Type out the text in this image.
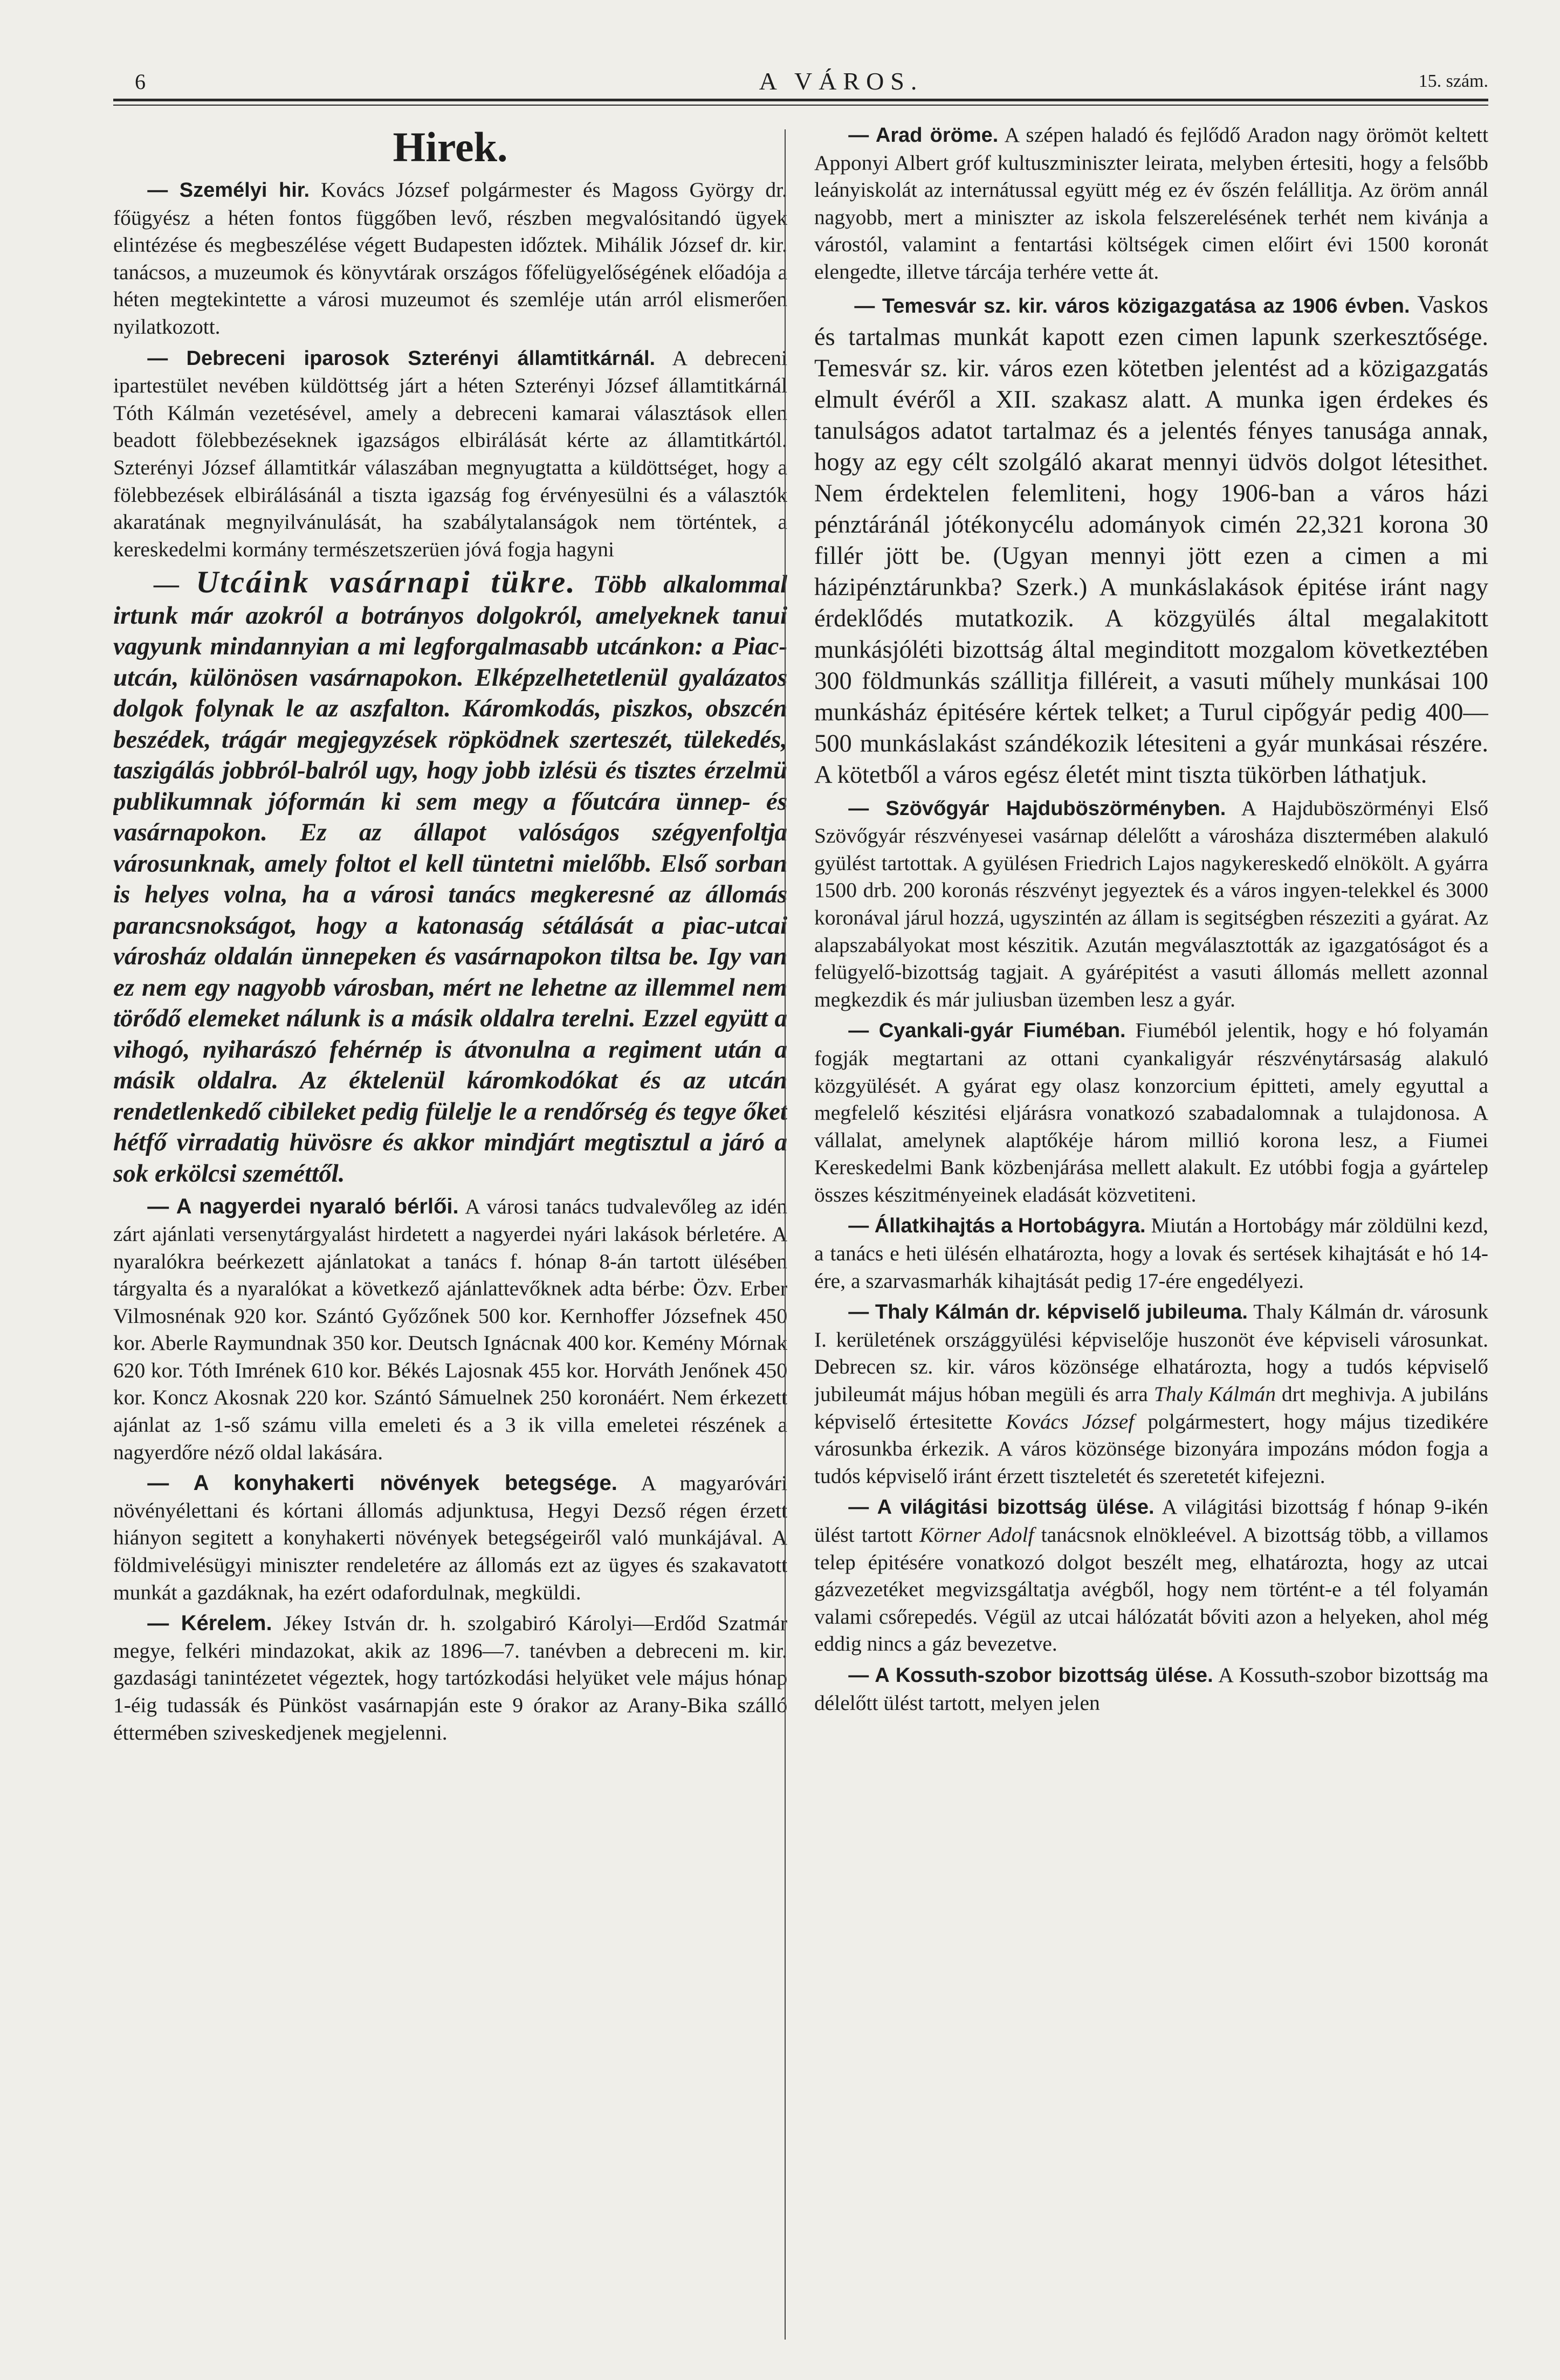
6	A VÁROS.	15. szám.
Hirek.

— Személyi hir. Kovács József polgármester és Magoss György dr. főügyész a héten fontos függőben levő, részben megvalósitandó ügyek elintézése és megbeszélése végett Budapesten időztek. Mihálik József dr. kir. tanácsos, a muzeumok és könyvtárak országos főfelügyelőségének előadója a héten megtekintette a városi muzeumot és szemléje után arról elismerően nyilatkozott.

— Debreceni iparosok Szterényi államtitkárnál. A debreceni ipartestület nevében küldöttség járt a héten Szterényi József államtitkárnál Tóth Kálmán vezetésével, amely a debreceni kamarai választások ellen beadott fölebbezéseknek igazságos elbirálását kérte az államtitkártól. Szterényi József államtitkár válaszában megnyugtatta a küldöttséget, hogy a fölebbezések elbirálásánál a tiszta igazság fog érvényesülni és a választók akaratának megnyilvánulását, ha szabálytalanságok nem történtek, a kereskedelmi kormány természetszerüen jóvá fogja hagyni

— Utcáink vasárnapi tükre. Több alkalommal irtunk már azokról a botrányos dolgokról, amelyeknek tanui vagyunk mindannyian a mi legforgalmasabb utcánkon: a Piac-utcán, különösen vasárnapokon. Elképzelhetetlenül gyalázatos dolgok folynak le az aszfalton. Káromkodás, piszkos, obszcén beszédek, trágár megjegyzések röpködnek szerteszét, tülekedés, taszigálás jobbról-balról ugy, hogy jobb izlésü és tisztes érzelmü publikumnak jóformán ki sem megy a főutcára ünnep- és vasárnapokon. Ez az állapot valóságos szégyenfoltja városunknak, amely foltot el kell tüntetni mielőbb. Első sorban is helyes volna, ha a városi tanács megkeresné az állomás parancsnokságot, hogy a katonaság sétálását a piac-utcai városház oldalán ünnepeken és vasárnapokon tiltsa be. Igy van ez nem egy nagyobb városban, mért ne lehetne az illemmel nem törődő elemeket nálunk is a másik oldalra terelni. Ezzel együtt a vihogó, nyiharászó fehérnép is átvonulna a regiment után a másik oldalra. Az éktelenül káromkodókat és az utcán rendetlenkedő cibileket pedig fülelje le a rendőrség és tegye őket hétfő virradatig hüvösre és akkor mindjárt megtisztul a járó a sok erkölcsi szeméttől.

— A nagyerdei nyaraló bérlői. A városi tanács tudvalevőleg az idén zárt ajánlati versenytárgyalást hirdetett a nagyerdei nyári lakások bérletére. A nyaralókra beérkezett ajánlatokat a tanács f. hónap 8-án tartott ülésében tárgyalta és a nyaralókat a következő ajánlattevőknek adta bérbe: Özv. Erber Vilmosnénak 920 kor. Szántó Győzőnek 500 kor. Kernhoffer Józsefnek 450 kor. Aberle Raymundnak 350 kor. Deutsch Ignácnak 400 kor. Kemény Mórnak 620 kor. Tóth Imrének 610 kor. Békés Lajosnak 455 kor. Horváth Jenőnek 450 kor. Koncz Akosnak 220 kor. Szántó Sámuelnek 250 koronáért. Nem érkezett ajánlat az 1-ső számu villa emeleti és a 3 ik villa emeletei részének a nagyerdőre néző oldal lakására.

— A konyhakerti növények betegsége. A magyaróvári növényélettani és kórtani állomás adjunktusa, Hegyi Dezső régen érzett hiányon segitett a konyhakerti növények betegségeiről való munkájával. A földmivelésügyi miniszter rendeletére az állomás ezt az ügyes és szakavatott munkát a gazdáknak, ha ezért odafordulnak, megküldi.

— Kérelem. Jékey István dr. h. szolgabiró Károlyi—Erdőd Szatmár megye, felkéri mindazokat, akik az 1896—7. tanévben a debreceni m. kir. gazdasági tanintézetet végeztek, hogy tartózkodási helyüket vele május hónap 1-éig tudassák és Pünköst vasárnapján este 9 órakor az Arany-Bika szálló éttermében sziveskedjenek megjelenni.

— Arad öröme. A szépen haladó és fejlődő Aradon nagy örömöt keltett Apponyi Albert gróf kultuszminiszter leirata, melyben értesiti, hogy a felsőbb leányiskolát az internátussal együtt még ez év őszén felállitja. Az öröm annál nagyobb, mert a miniszter az iskola felszerelésének terhét nem kivánja a várostól, valamint a fentartási költségek cimen előirt évi 1500 koronát elengedte, illetve tárcája terhére vette át.

— Temesvár sz. kir. város közigazgatása az 1906 évben. Vaskos és tartalmas munkát kapott ezen cimen lapunk szerkesztősége. Temesvár sz. kir. város ezen kötetben jelentést ad a közigazgatás elmult évéről a XII. szakasz alatt. A munka igen érdekes és tanulságos adatot tartalmaz és a jelentés fényes tanusága annak, hogy az egy célt szolgáló akarat mennyi üdvös dolgot létesithet. Nem érdektelen felemliteni, hogy 1906-ban a város házi pénztáránál jótékonycélu adományok cimén 22,321 korona 30 fillér jött be. (Ugyan mennyi jött ezen a cimen a mi házipénztárunkba? Szerk.) A munkáslakások épitése iránt nagy érdeklődés mutatkozik. A közgyülés által megalakitott munkásjóléti bizottság által meginditott mozgalom következtében 300 földmunkás szállitja filléreit, a vasuti műhely munkásai 100 munkásház épitésére kértek telket; a Turul cipőgyár pedig 400—500 munkáslakást szándékozik létesiteni a gyár munkásai részére. A kötetből a város egész életét mint tiszta tükörben láthatjuk.

— Szövőgyár Hajduböszörményben. A Hajduböszörményi Első Szövőgyár részvényesei vasárnap délelőtt a városháza disztermében alakuló gyülést tartottak. A gyülésen Friedrich Lajos nagykereskedő elnökölt. A gyárra 1500 drb. 200 koronás részvényt jegyeztek és a város ingyen-telekkel és 3000 koronával járul hozzá, ugyszintén az állam is segitségben részeziti a gyárat. Az alapszabályokat most készitik. Azután megválasztották az igazgatóságot és a felügyelő-bizottság tagjait. A gyárépitést a vasuti állomás mellett azonnal megkezdik és már juliusban üzemben lesz a gyár.

— Cyankali-gyár Fiuméban. Fiuméból jelentik, hogy e hó folyamán fogják megtartani az ottani cyankaligyár részvénytársaság alakuló közgyülését. A gyárat egy olasz konzorcium épitteti, amely egyuttal a megfelelő készitési eljárásra vonatkozó szabadalomnak a tulajdonosa. A vállalat, amelynek alaptőkéje három millió korona lesz, a Fiumei Kereskedelmi Bank közbenjárása mellett alakult. Ez utóbbi fogja a gyártelep összes készitményeinek eladását közvetiteni.

— Állatkihajtás a Hortobágyra. Miután a Hortobágy már zöldülni kezd, a tanács e heti ülésén elhatározta, hogy a lovak és sertések kihajtását e hó 14-ére, a szarvasmarhák kihajtását pedig 17-ére engedélyezi.

— Thaly Kálmán dr. képviselő jubileuma. Thaly Kálmán dr. városunk I. kerületének országgyülési képviselője huszonöt éve képviseli városunkat. Debrecen sz. kir. város közönsége elhatározta, hogy a tudós képviselő jubileumát május hóban megüli és arra Thaly Kálmán drt meghivja. A jubiláns képviselő értesitette Kovács József polgármestert, hogy május tizedikére városunkba érkezik. A város közönsége bizonyára impozáns módon fogja a tudós képviselő iránt érzett tiszteletét és szeretetét kifejezni.

— A világitási bizottság ülése. A világitási bizottság f hónap 9-ikén ülést tartott Körner Adolf tanácsnok elnökleével. A bizottság több, a villamos telep épitésére vonatkozó dolgot beszélt meg, elhatározta, hogy az utcai gázvezetéket megvizsgáltatja avégből, hogy nem történt-e a tél folyamán valami csőrepedés. Végül az utcai hálózatát bőviti azon a helyeken, ahol még eddig nincs a gáz bevezetve.

— A Kossuth-szobor bizottság ülése. A Kossuth-szobor bizottság ma délelőtt ülést tartott, melyen jelen
